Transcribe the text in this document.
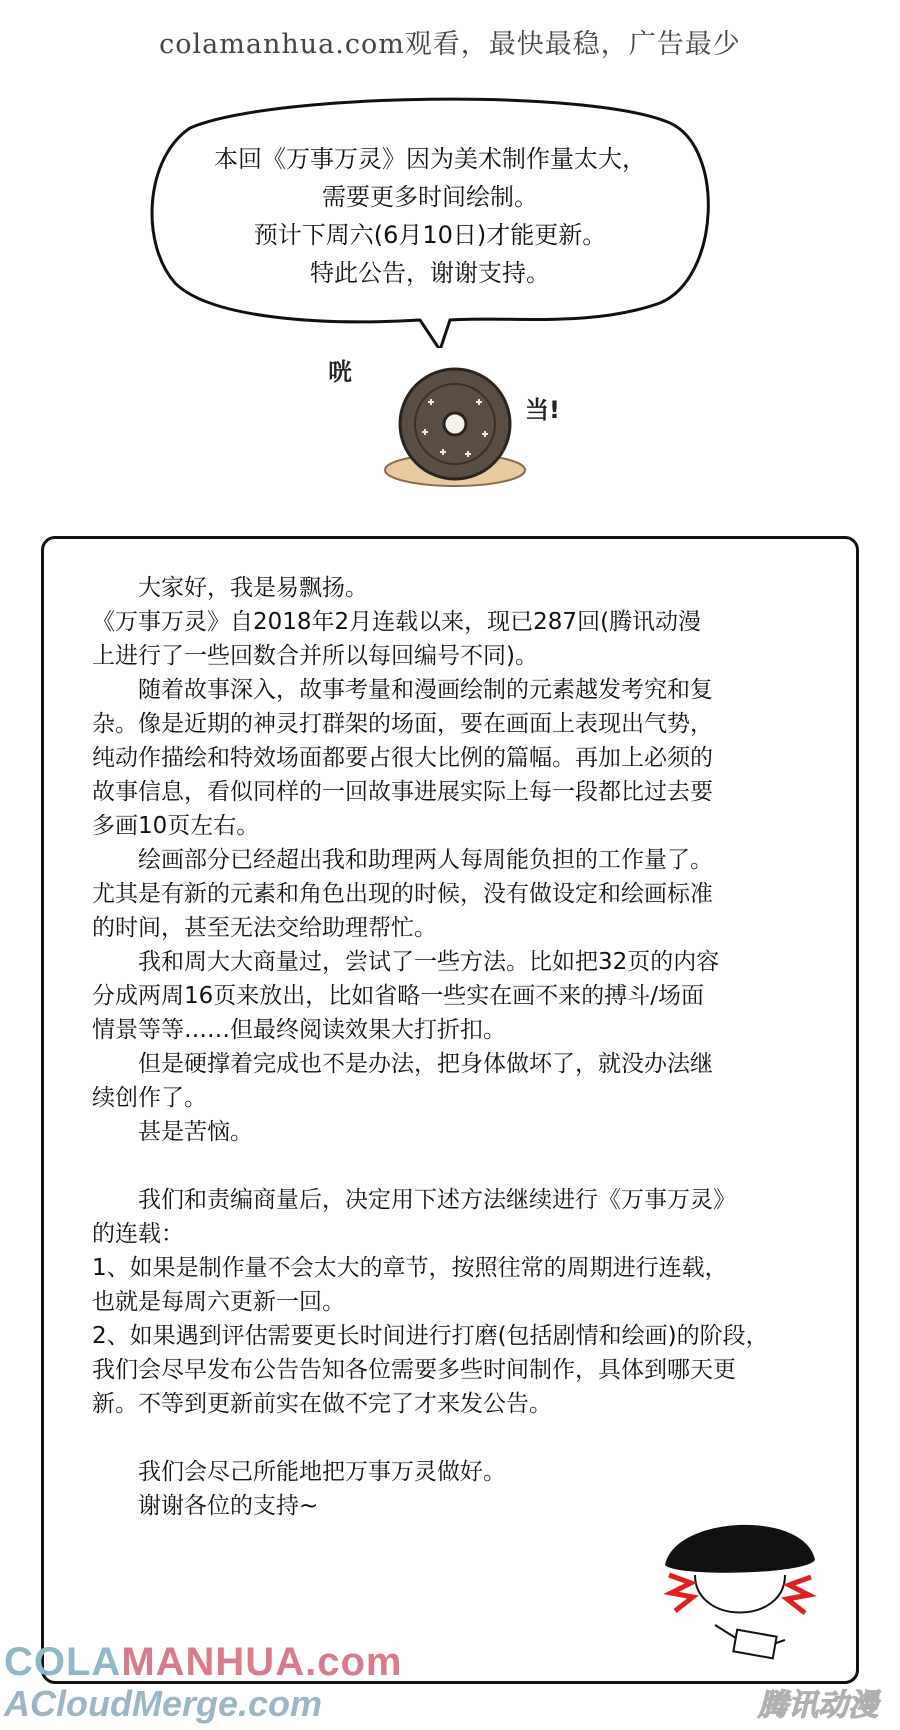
colamanhua.com观看，最快最稳，广告最少
本回《万事万灵》因为美术制作量太大，
需要更多时间绘制。
预计下周六(6月10日)才能更新。
特此公告，谢谢支持。
咣
当!

大家好，我是易飘扬。

《万事万灵》自2018年2月连载以来，现已287回(腾讯动漫

上进行了一些回数合并所以每回编号不同)。

随着故事深入，故事考量和漫画绘制的元素越发考究和复

杂。像是近期的神灵打群架的场面，要在画面上表现出气势，

纯动作描绘和特效场面都要占很大比例的篇幅。再加上必须的

故事信息，看似同样的一回故事进展实际上每一段都比过去要

多画10页左右。

绘画部分已经超出我和助理两人每周能负担的工作量了。

尤其是有新的元素和角色出现的时候，没有做设定和绘画标准

的时间，甚至无法交给助理帮忙。

我和周大大商量过，尝试了一些方法。比如把32页的内容

分成两周16页来放出，比如省略一些实在画不来的搏斗/场面

情景等等……但最终阅读效果大打折扣。

但是硬撑着完成也不是办法，把身体做坏了，就没办法继

续创作了。

甚是苦恼。

我们和责编商量后，决定用下述方法继续进行《万事万灵》

的连载：

1、如果是制作量不会太大的章节，按照往常的周期进行连载，

也就是每周六更新一回。

2、如果遇到评估需要更长时间进行打磨(包括剧情和绘画)的阶段，

我们会尽早发布公告告知各位需要多些时间制作，具体到哪天更

新。不等到更新前实在做不完了才来发公告。

我们会尽己所能地把万事万灵做好。

谢谢各位的支持~

COLAMANHUA.com
ACloudMerge.com	腾讯动漫
